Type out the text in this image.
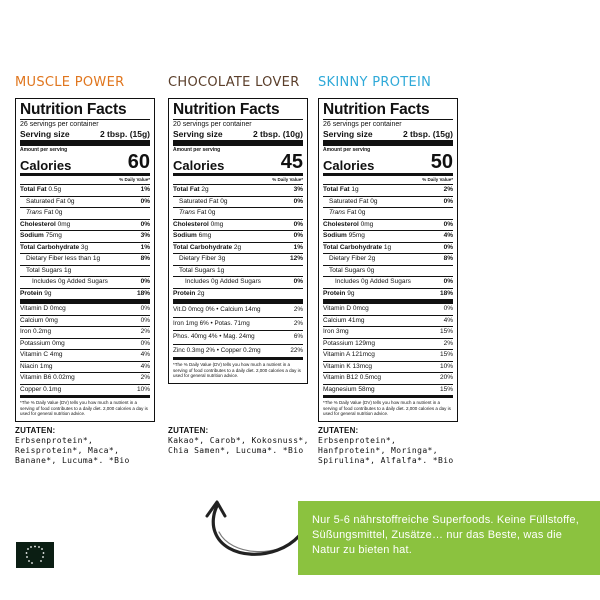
MUSCLE POWER	CHOCOLATE LOVER SKINNY PROTEIN
Nutrition Facts
26 servings per container
Serving size	2 tbsp. (15g)
Amount per serving
Calories	60
% Daily Value*
Total Fat 0.5g	1%
Saturated Fat 0g	0%
Trans Fat 0g
Cholesterol 0mg	0%
Sodium 75mg	3%
Total Carbohydrate 3g	1%
Dietary Fiber less than 1g	8%
Total Sugars 1g
Includes 0g Added Sugars	0%
Protein 9g	18%
Vitamin D 0mcg	0%
Calcium 0mg	0%
Iron 0.2mg	2%
Potassium 0mg	0%
Vitamin C 4mg	4%
Niacin 1mg	4%
Vitamin B6 0.02mg	2%
Copper 0.1mg	10%
*The % Daily Value (DV) tells you how much a nutrient in a serving of food contributes to a daily diet. 2,000 calories a day is used for general nutrition advice.
Nutrition Facts
20 servings per container
Serving size	2 tbsp. (10g)
Amount per serving
Calories	45
% Daily Value*
Total Fat 2g	3%
Saturated Fat 0g	0%
Trans Fat 0g
Cholesterol 0mg	0%
Sodium 6mg	0%
Total Carbohydrate 2g	1%
Dietary Fiber 3g	12%
Total Sugars 1g
Includes 0g Added Sugars	0%
Protein 2g
Vit.D 0mcg 0% • Calcium 14mg	2%
Iron 1mg 6% • Potas. 71mg	2%
Phos. 40mg 4% • Mag. 24mg	6%
Zinc 0.3mg 2% • Copper 0.2mg	22%
*The % Daily Value (DV) tells you how much a nutrient in a serving of food contributes to a daily diet. 2,000 calories a day is used for general nutrition advice.
Nutrition Facts
26 servings per container
Serving size	2 tbsp. (15g)
Amount per serving
Calories	50
% Daily Value*
Total Fat 1g	2%
Saturated Fat 0g	0%
Trans Fat 0g
Cholesterol 0mg	0%
Sodium 95mg	4%
Total Carbohydrate 1g	0%
Dietary Fiber 2g	8%
Total Sugars 0g
Includes 0g Added Sugars	0%
Protein 9g	18%
Vitamin D 0mcg	0%
Calcium 41mg	4%
Iron 3mg	15%
Potassium 129mg	2%
Vitamin A 121mcg	15%
Vitamin K 13mcg	10%
Vitamin B12 0.5mcg	20%
Magnesium 58mg	15%
*The % Daily Value (DV) tells you how much a nutrient in a serving of food contributes to a daily diet. 2,000 calories a day is used for general nutrition advice.
ZUTATEN:
Erbsenprotein*, Reisprotein*, Maca*, Banane*, Lucuma*. *Bio
ZUTATEN:
Kakao*, Carob*, Kokosnuss*, Chia Samen*, Lucuma*. *Bio
ZUTATEN:
Erbsenprotein*, Hanfprotein*, Moringa*, Spirulina*, Alfalfa*. *Bio
Nur 5-6 nährstoffreiche Superfoods. Keine Füllstoffe, Süßungsmittel, Zusätze… nur das Beste, was die Natur zu bieten hat.
